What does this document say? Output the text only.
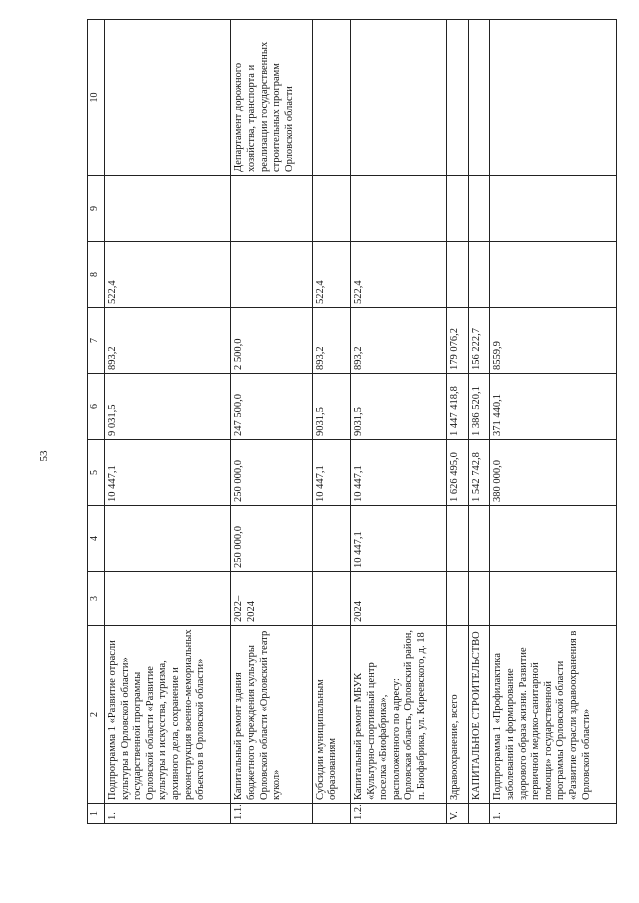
53
1	2	3	4	5	6	7	8	9	10
1.	Подпрограмма 1 «Развитие отрасли культуры в Орловской области» государственной программы Орловской области «Развитие культуры и искусства, туризма, архивного дела, сохранение и реконструкция военно-мемориальных объектов в Орловской области»			10 447,1	9 031,5	893,2	522,4		
1.1.	Капитальный ремонт здания бюджетного учреждения культуры Орловской области «Орловский театр кукол»	2022–2024	250 000,0	250 000,0	247 500,0	2 500,0			Департамент дорожного хозяйства, транспорта и реализации государственных строительных программ Орловской области
	Субсидии муниципальным образованиям			10 447,1	9031,5	893,2	522,4		
1.2.	Капитальный ремонт МБУК «Культурно-спортивный центр поселка «Биофабрика», расположенного по адресу: Орловская область, Орловский район, п. Биофабрика, ул. Киреевского, д. 18	2024	10 447,1	10 447,1	9031,5	893,2	522,4		
V.	Здравоохранение, всего			1 626 495,0	1 447 418,8	179 076,2			
	КАПИТАЛЬНОЕ СТРОИТЕЛЬСТВО			1 542 742,8	1 386 520,1	156 222,7			
1.	Подпрограмма 1 «Профилактика заболеваний и формирование здорового образа жизни. Развитие первичной медико-санитарной помощи» государственной программы Орловской области «Развитие отрасли здравоохранения в Орловской области»			380 000,0	371 440,1	8559,9			
